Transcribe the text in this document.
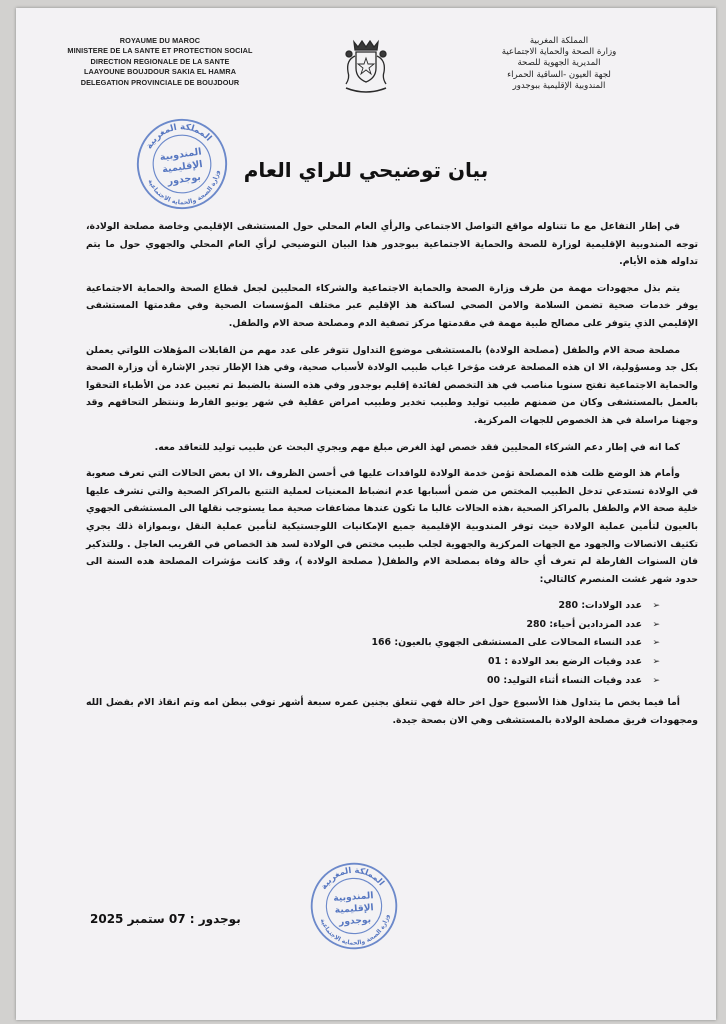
ROYAUME DU MAROC
MINISTERE DE LA SANTE ET PROTECTION SOCIAL
DIRECTION REGIONALE DE LA SANTE
LAAYOUNE BOUJDOUR SAKIA EL HAMRA
DELEGATION PROVINCIALE DE BOUJDOUR
المملكة المغربية
وزارة الصحة والحماية الاجتماعية
المديرية الجهوية للصحة
لجهة العيون -الساقية الحمراء
المندوبية الإقليمية ببوجدور
المملكة المغربية
وزارة الصحة والحماية الاجتماعية
المندوبية
الإقليمية
بوجدور	بيان توضيحي للراي العام

في إطار التفاعل مع ما تتناوله مواقع التواصل الاجتماعي والرأي العام المحلي حول المستشفى الإقليمي وخاصة مصلحة الولادة، توجه المندوبية الإقليمية لوزارة للصحة والحماية الاجتماعية ببوجدور هذا البيان التوضيحي لرأي العام المحلي والجهوي حول ما يتم تداوله هذه الأيام.

يتم بذل مجهودات مهمة من طرف وزارة الصحة والحماية الاجتماعية والشركاء المحليين لجعل قطاع الصحة والحماية الاجتماعية يوفر خدمات صحية تضمن السلامة والامن الصحي لساكنة هذ الإقليم عبر مختلف المؤسسات الصحية وفي مقدمتها المستشفى الإقليمي الذي يتوفر على مصالح طبية مهمة في مقدمتها مركز تصفية الدم ومصلحة صحة الام والطفل.

مصلحة صحة الام والطفل (مصلحة الولادة) بالمستشفى موضوع التداول تتوفر على عدد مهم من القابلات المؤهلات اللواتي يعملن بكل جد ومسؤولية، الا ان هذه المصلحة عرفت مؤخرا غياب طبيب الولادة لأسباب صحية، وفي هذا الإطار تجدر الإشارة أن وزارة الصحة والحماية الاجتماعية تفتح سنويا مناصب في هذ التخصص لفائدة إقليم بوجدور وفي هذه السنة بالضبط تم تعيين عدد من الأطباء التحقوا بالعمل بالمستشفى وكان من ضمنهم طبيب توليد وطبيب تخدير وطبيب امراض عقلية في شهر يونيو الفارط وننتظر التحاقهم وقد وجهنا مراسلة في هذ الخصوص للجهات المركزية.

كما انه في إطار دعم الشركاء المحليين فقد خصص لهذ الغرض مبلغ مهم ويجري البحث عن طبيب توليد للتعاقد معه.

وأمام هذ الوضع ظلت هذه المصلحة تؤمن خدمة الولادة للوافدات عليها في أحسن الظروف ،الا ان بعض الحالات التي تعرف صعوبة في الولادة تستدعي تدخل الطبيب المختص من ضمن أسبابها عدم انضباط المعنيات لعملية التتبع بالمراكز الصحية والتي تشرف عليها خلية صحة الام والطفل بالمراكز الصحية ،هذه الحالات غالبا ما تكون عندها مضاعفات صحية مما يستوجب نقلها الى المستشفى الجهوي بالعيون لتأمين عملية الولادة حيث توفر المندوبية الإقليمية جميع الإمكانيات اللوجستيكية لتأمين عملية النقل ،وبموازاة ذلك يجري تكثيف الاتصالات والجهود مع الجهات المركزية والجهوية لجلب طبيب مختص في الولادة لسد هذ الخصاص في القريب العاجل . وللتذكير فان السنوات الفارطة لم تعرف أي حالة وفاة بمصلحة الام والطفل( مصلحة الولادة )، وقد كانت مؤشرات المصلحة هده السنة الى حدود شهر غشت المنصرم كالتالي:

➢عدد الولادات: 280
➢عدد المزدادين أحياء: 280
➢عدد النساء المحالات على المستشفى الجهوي بالعيون: 166
➢عدد وفيات الرضع بعد الولادة : 01
➢عدد وفيات النساء أثناء التوليد: 00

أما فيما يخص ما يتداول هذا الأسبوع حول اخر حالة فهي تتعلق بجنين عمره سبعة أشهر توفي ببطن امه وتم انقاذ الام بفضل الله ومجهودات فريق مصلحة الولادة بالمستشفى وهي الان بصحة جيدة.

المملكة المغربية
وزارة الصحة والحماية الاجتماعية
المندوبية
الإقليمية
بوجدور
بوجدور : 07 ستمبر 2025
